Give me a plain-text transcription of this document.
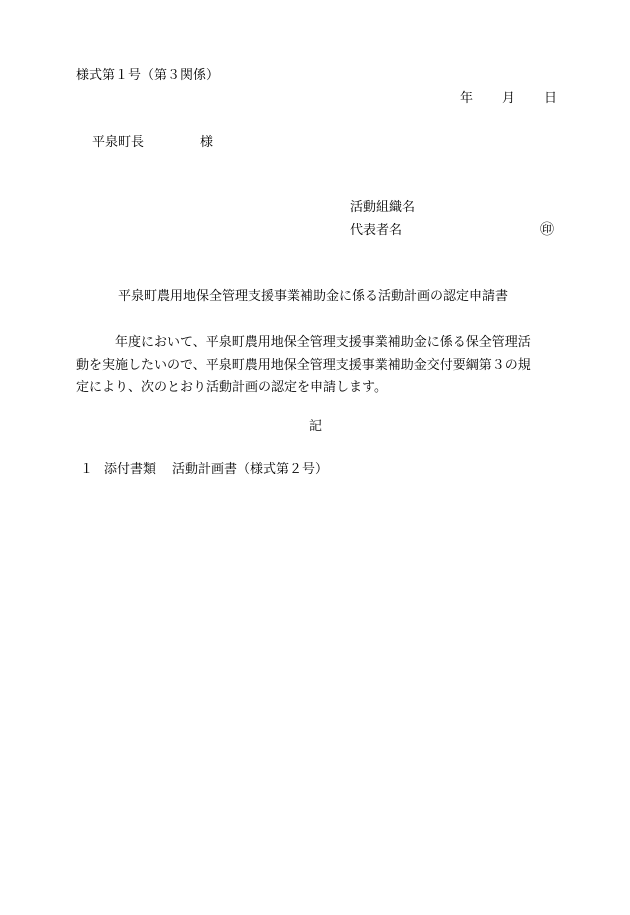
様式第１号（第３関係）
年 月 日
平泉町長	様
活動組織名
代表者名	㊞
平泉町農用地保全管理支援事業補助金に係る活動計画の認定申請書
年度において、平泉町農用地保全管理支援事業補助金に係る保全管理活
動を実施したいので、平泉町農用地保全管理支援事業補助金交付要綱第３の規
定により、次のとおり活動計画の認定を申請します。
記
１ 添付書類 活動計画書（様式第２号）
